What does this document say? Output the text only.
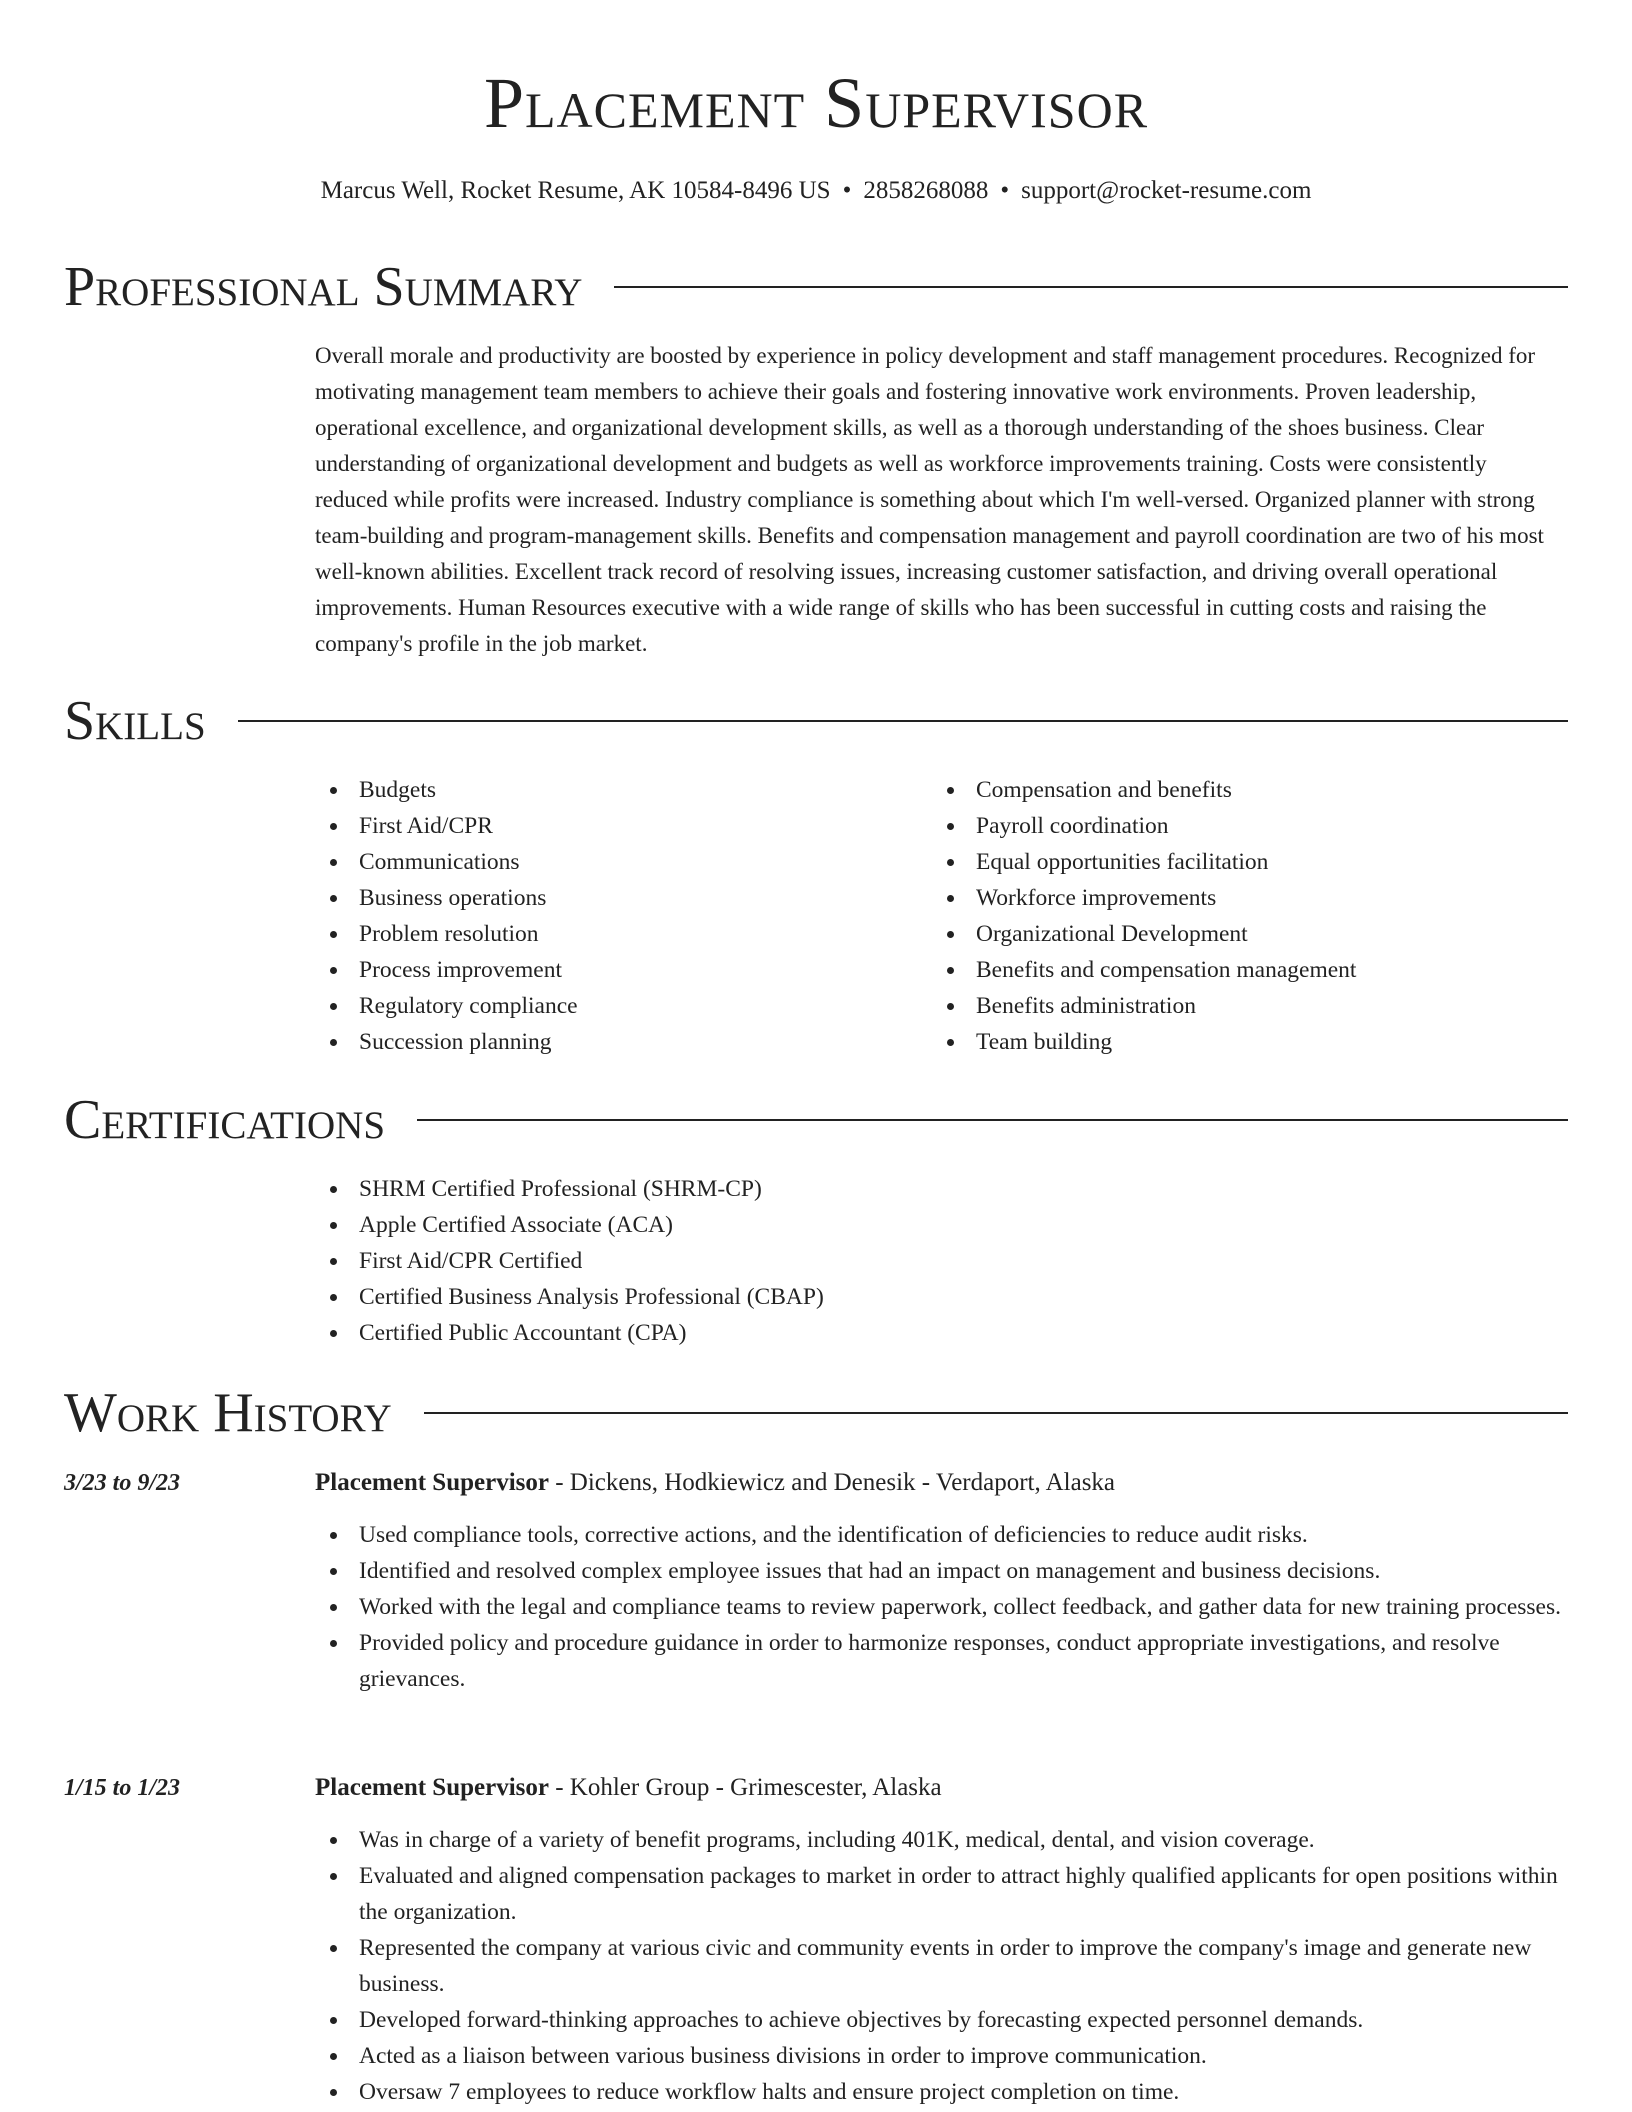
Placement Supervisor
Marcus Well, Rocket Resume, AK 10584-8496 US • 2858268088 • support@rocket-resume.com
Professional Summary

Overall morale and productivity are boosted by experience in policy development and staff management procedures. Recognized for motivating management team members to achieve their goals and fostering innovative work environments. Proven leadership, operational excellence, and organizational development skills, as well as a thorough understanding of the shoes business. Clear understanding of organizational development and budgets as well as workforce improvements training. Costs were consistently reduced while profits were increased. Industry compliance is something about which I'm well-versed. Organized planner with strong team-building and program-management skills. Benefits and compensation management and payroll coordination are two of his most well-known abilities. Excellent track record of resolving issues, increasing customer satisfaction, and driving overall operational improvements. Human Resources executive with a wide range of skills who has been successful in cutting costs and raising the company's profile in the job market.

Skills
Budgets
First Aid/CPR
Communications
Business operations
Problem resolution
Process improvement
Regulatory compliance
Succession planning
Compensation and benefits
Payroll coordination
Equal opportunities facilitation
Workforce improvements
Organizational Development
Benefits and compensation management
Benefits administration
Team building
Certifications
SHRM Certified Professional (SHRM-CP)
Apple Certified Associate (ACA)
First Aid/CPR Certified
Certified Business Analysis Professional (CBAP)
Certified Public Accountant (CPA)
Work History
3/23 to 9/23	Placement Supervisor - Dickens, Hodkiewicz and Denesik - Verdaport, Alaska
Used compliance tools, corrective actions, and the identification of deficiencies to reduce audit risks.
Identified and resolved complex employee issues that had an impact on management and business decisions.
Worked with the legal and compliance teams to review paperwork, collect feedback, and gather data for new training processes.
Provided policy and procedure guidance in order to harmonize responses, conduct appropriate investigations, and resolve grievances.
1/15 to 1/23	Placement Supervisor - Kohler Group - Grimescester, Alaska
Was in charge of a variety of benefit programs, including 401K, medical, dental, and vision coverage.
Evaluated and aligned compensation packages to market in order to attract highly qualified applicants for open positions within the organization.
Represented the company at various civic and community events in order to improve the company's image and generate new business.
Developed forward-thinking approaches to achieve objectives by forecasting expected personnel demands.
Acted as a liaison between various business divisions in order to improve communication.
Oversaw 7 employees to reduce workflow halts and ensure project completion on time.
